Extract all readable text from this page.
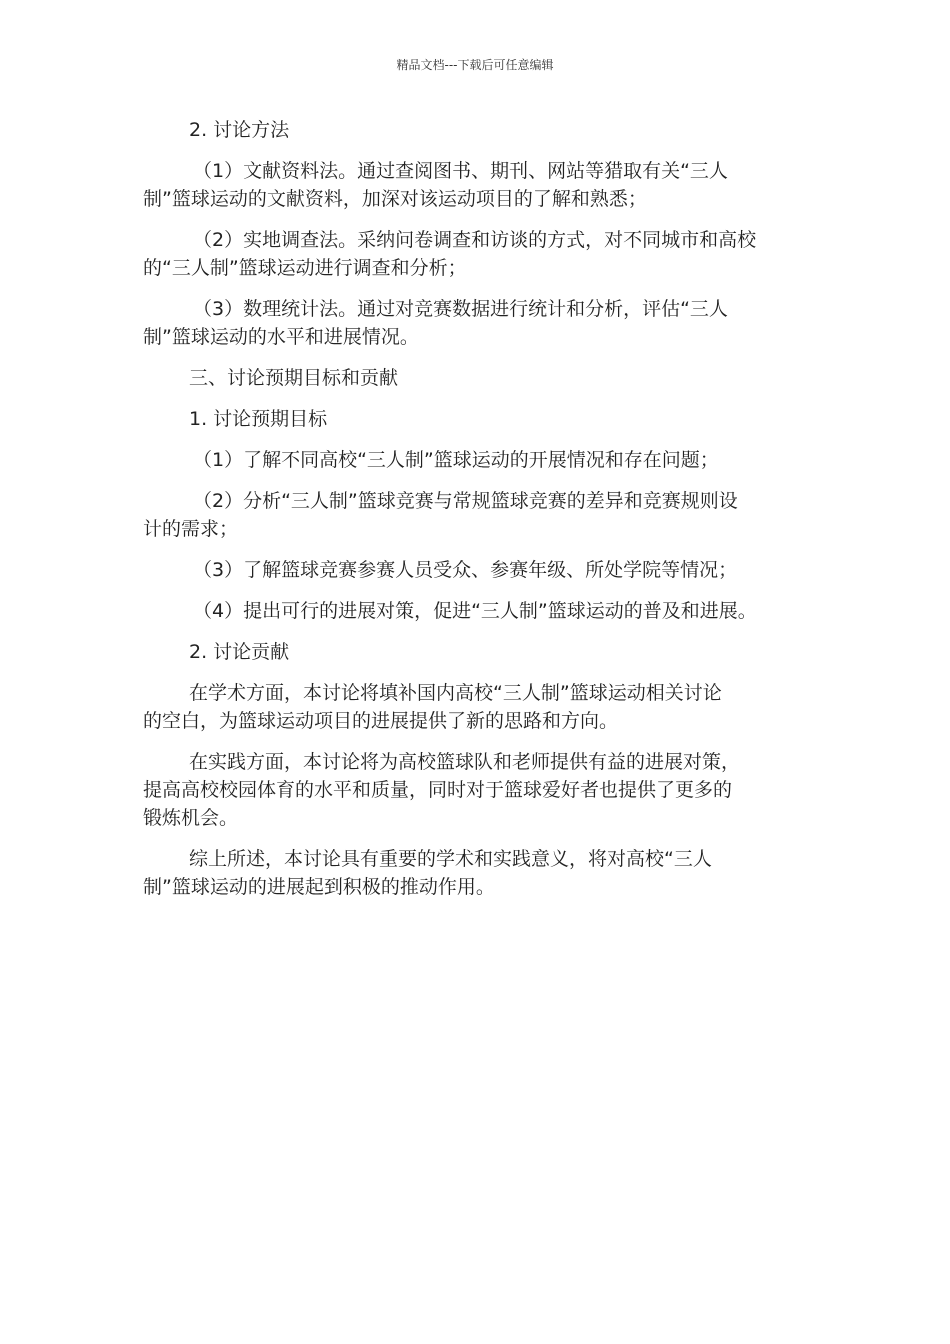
精品文档---下载后可任意编辑
2. 讨论方法
（1）文献资料法。通过查阅图书、期刊、网站等猎取有关“三人
制”篮球运动的文献资料，加深对该运动项目的了解和熟悉；
（2）实地调查法。采纳问卷调查和访谈的方式，对不同城市和高校
的“三人制”篮球运动进行调查和分析；
（3）数理统计法。通过对竞赛数据进行统计和分析，评估“三人
制”篮球运动的水平和进展情况。
三、讨论预期目标和贡献
1. 讨论预期目标
（1）了解不同高校“三人制”篮球运动的开展情况和存在问题；
（2）分析“三人制”篮球竞赛与常规篮球竞赛的差异和竞赛规则设
计的需求；
（3）了解篮球竞赛参赛人员受众、参赛年级、所处学院等情况；
（4）提出可行的进展对策，促进“三人制”篮球运动的普及和进展。
2. 讨论贡献
在学术方面，本讨论将填补国内高校“三人制”篮球运动相关讨论
的空白，为篮球运动项目的进展提供了新的思路和方向。
在实践方面，本讨论将为高校篮球队和老师提供有益的进展对策，
提高高校校园体育的水平和质量，同时对于篮球爱好者也提供了更多的
锻炼机会。
综上所述，本讨论具有重要的学术和实践意义，将对高校“三人
制”篮球运动的进展起到积极的推动作用。
